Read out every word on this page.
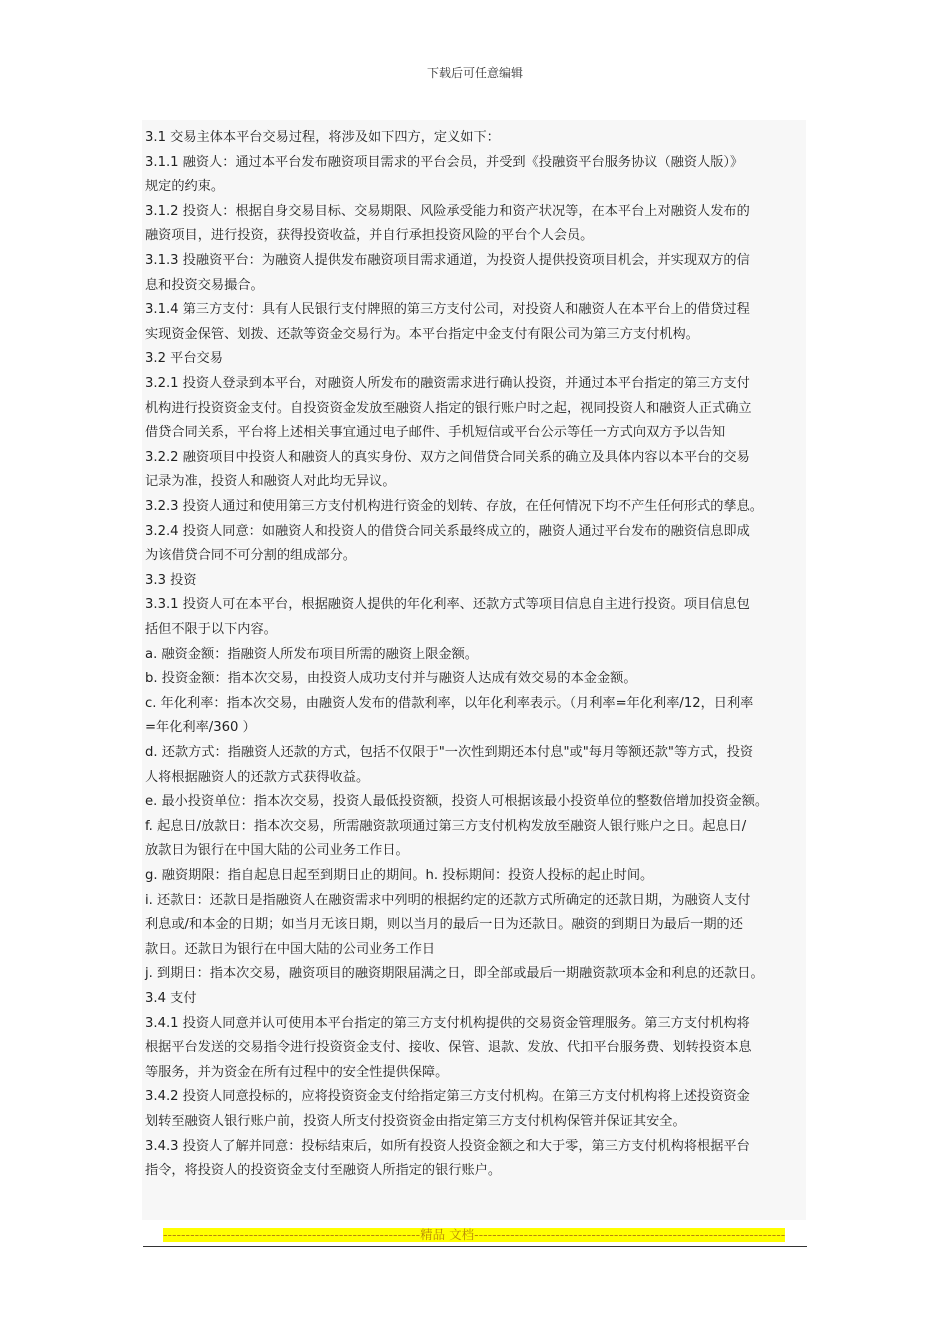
下载后可任意编辑
3.1 交易主体本平台交易过程，将涉及如下四方，定义如下：
3.1.1 融资人：通过本平台发布融资项目需求的平台会员，并受到《投融资平台服务协议（融资人版）》
规定的约束。
3.1.2 投资人：根据自身交易目标、交易期限、风险承受能力和资产状况等，在本平台上对融资人发布的
融资项目，进行投资，获得投资收益，并自行承担投资风险的平台个人会员。
3.1.3 投融资平台：为融资人提供发布融资项目需求通道，为投资人提供投资项目机会，并实现双方的信
息和投资交易撮合。
3.1.4 第三方支付：具有人民银行支付牌照的第三方支付公司，对投资人和融资人在本平台上的借贷过程
实现资金保管、划拨、还款等资金交易行为。本平台指定中金支付有限公司为第三方支付机构。
3.2 平台交易
3.2.1 投资人登录到本平台，对融资人所发布的融资需求进行确认投资，并通过本平台指定的第三方支付
机构进行投资资金支付。自投资资金发放至融资人指定的银行账户时之起，视同投资人和融资人正式确立
借贷合同关系，平台将上述相关事宜通过电子邮件、手机短信或平台公示等任一方式向双方予以告知
3.2.2 融资项目中投资人和融资人的真实身份、双方之间借贷合同关系的确立及具体内容以本平台的交易
记录为准，投资人和融资人对此均无异议。
3.2.3 投资人通过和使用第三方支付机构进行资金的划转、存放，在任何情况下均不产生任何形式的孳息。
3.2.4 投资人同意：如融资人和投资人的借贷合同关系最终成立的，融资人通过平台发布的融资信息即成
为该借贷合同不可分割的组成部分。
3.3 投资
3.3.1 投资人可在本平台，根据融资人提供的年化利率、还款方式等项目信息自主进行投资。项目信息包
括但不限于以下内容。
a. 融资金额：指融资人所发布项目所需的融资上限金额。
b. 投资金额：指本次交易，由投资人成功支付并与融资人达成有效交易的本金金额。
c. 年化利率：指本次交易，由融资人发布的借款利率，以年化利率表示。（月利率=年化利率/12，日利率
=年化利率/360 ）
d. 还款方式：指融资人还款的方式，包括不仅限于"一次性到期还本付息"或"每月等额还款"等方式，投资
人将根据融资人的还款方式获得收益。
e. 最小投资单位：指本次交易，投资人最低投资额，投资人可根据该最小投资单位的整数倍增加投资金额。
f. 起息日/放款日：指本次交易，所需融资款项通过第三方支付机构发放至融资人银行账户之日。起息日/
放款日为银行在中国大陆的公司业务工作日。
g. 融资期限：指自起息日起至到期日止的期间。h. 投标期间：投资人投标的起止时间。
i. 还款日：还款日是指融资人在融资需求中列明的根据约定的还款方式所确定的还款日期，为融资人支付
利息或/和本金的日期；如当月无该日期，则以当月的最后一日为还款日。融资的到期日为最后一期的还
款日。还款日为银行在中国大陆的公司业务工作日
j. 到期日：指本次交易，融资项目的融资期限届满之日，即全部或最后一期融资款项本金和利息的还款日。
3.4 支付
3.4.1 投资人同意并认可使用本平台指定的第三方支付机构提供的交易资金管理服务。第三方支付机构将
根据平台发送的交易指令进行投资资金支付、接收、保管、退款、发放、代扣平台服务费、划转投资本息
等服务，并为资金在所有过程中的安全性提供保障。
3.4.2 投资人同意投标的，应将投资资金支付给指定第三方支付机构。在第三方支付机构将上述投资资金
划转至融资人银行账户前，投资人所支付投资资金由指定第三方支付机构保管并保证其安全。
3.4.3 投资人了解并同意：投标结束后，如所有投资人投资金额之和大于零，第三方支付机构将根据平台
指令，将投资人的投资资金支付至融资人所指定的银行账户。
---------------------------------------------------------精品 文档---------------------------------------------------------------------
